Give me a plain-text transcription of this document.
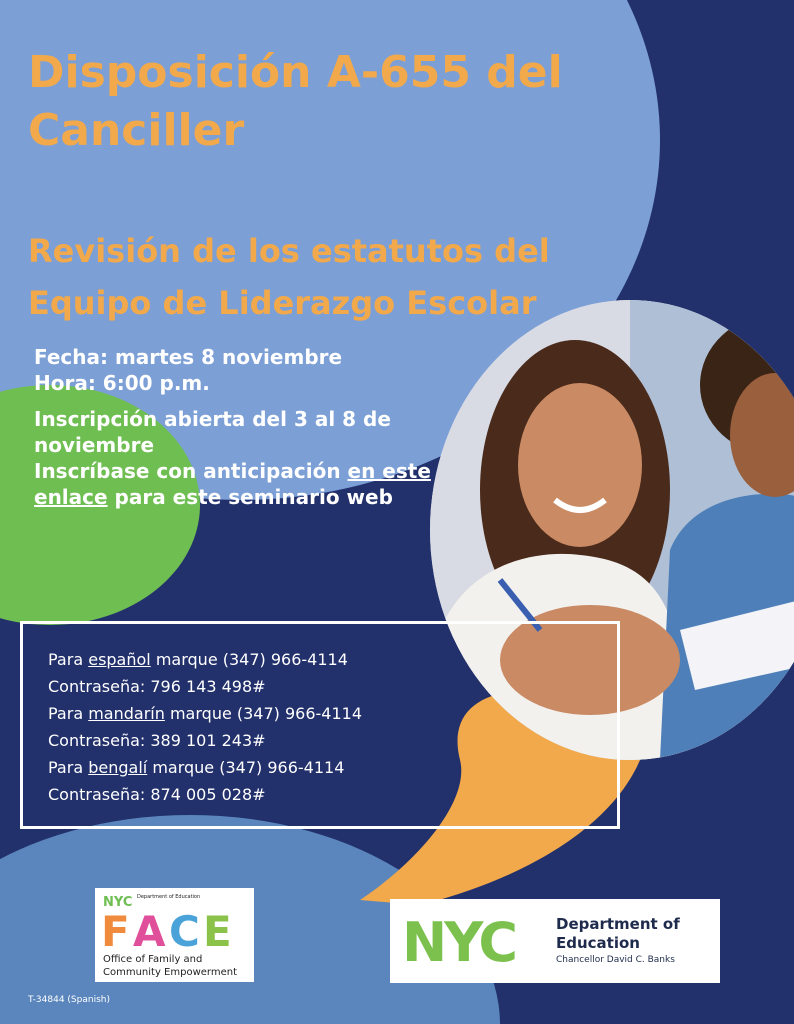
Disposición A-655 del Canciller
Revisión de los estatutos del Equipo de Liderazgo Escolar
Fecha: martes 8 noviembre
Hora: 6:00 p.m.
Inscripción abierta del 3 al 8 de noviembre
Inscríbase con anticipación en este enlace para este seminario web
Para español marque (347) 966-4114
Contraseña: 796 143 498#
Para mandarín marque (347) 966-4114
Contraseña: 389 101 243#
Para bengalí marque (347) 966-4114
Contraseña: 874 005 028#
NYC Department of Education
F A C E
Office of Family and
Community Empowerment	NYC	Department of
Education
Chancellor David C. Banks
T-34844 (Spanish)
